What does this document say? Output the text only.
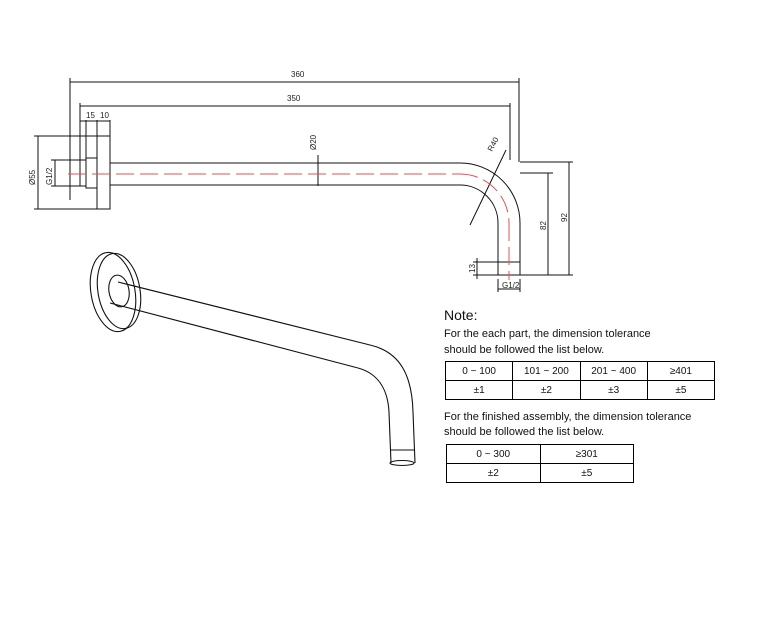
360
350
15 10
Ø55 G1/2
Ø20	R40
82
92
13
G1/2
Note:
For the each part, the dimension tolerance
should be followed the list below.
0 ~ 100	101 ~ 200	201 ~ 400	≥401
±1	±2	±3	±5
For the finished assembly, the dimension tolerance
should be followed the list below.
0 ~ 300	≥301
±2	±5
